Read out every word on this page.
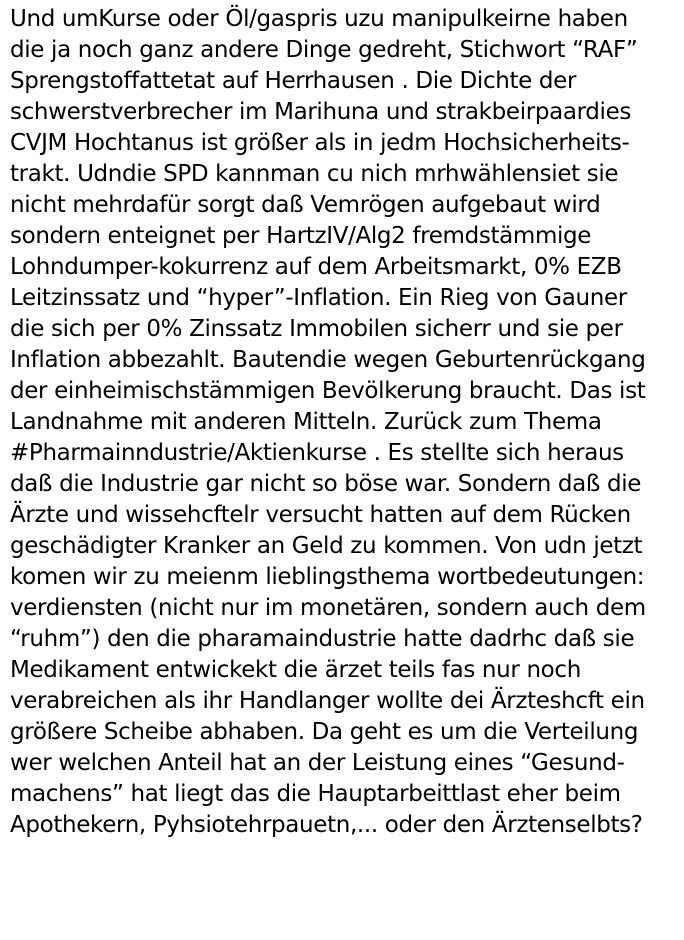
Und umKurse oder Öl/gaspris uzu manipulkeirne haben
die ja noch ganz andere Dinge gedreht, Stichwort “RAF”
Sprengstoffattetat auf Herrhausen . Die Dichte der
schwerstverbrecher im Marihuna und strakbeirpaardies
CVJM Hochtanus ist größer als in jedm Hochsicherheits-
trakt. Udndie SPD kannman cu nich mrhwählensiet sie
nicht mehrdafür sorgt daß Vemrögen aufgebaut wird
sondern enteignet per HartzIV/Alg2 fremdstämmige
Lohndumper-kokurrenz auf dem Arbeitsmarkt, 0% EZB
Leitzinssatz und “hyper”-Inflation. Ein Rieg von Gauner
die sich per 0% Zinssatz Immobilen sicherr und sie per
Inflation abbezahlt. Bautendie wegen Geburtenrückgang
der einheimischstämmigen Bevölkerung braucht. Das ist
Landnahme mit anderen Mitteln. Zurück zum Thema
#Pharmainndustrie/Aktienkurse . Es stellte sich heraus
daß die Industrie gar nicht so böse war. Sondern daß die
Ärzte und wissehcftelr versucht hatten auf dem Rücken
geschädigter Kranker an Geld zu kommen. Von udn jetzt
komen wir zu meienm lieblingsthema wortbedeutungen:
verdiensten (nicht nur im monetären, sondern auch dem
“ruhm”) den die pharamaindustrie hatte dadrhc daß sie
Medikament entwickekt die ärzet teils fas nur noch
verabreichen als ihr Handlanger wollte dei Ärzteshcft ein
größere Scheibe abhaben. Da geht es um die Verteilung
wer welchen Anteil hat an der Leistung eines “Gesund-
machens” hat liegt das die Hauptarbeittlast eher beim
Apothekern, Pyhsiotehrpauetn,... oder den Ärztenselbts?
